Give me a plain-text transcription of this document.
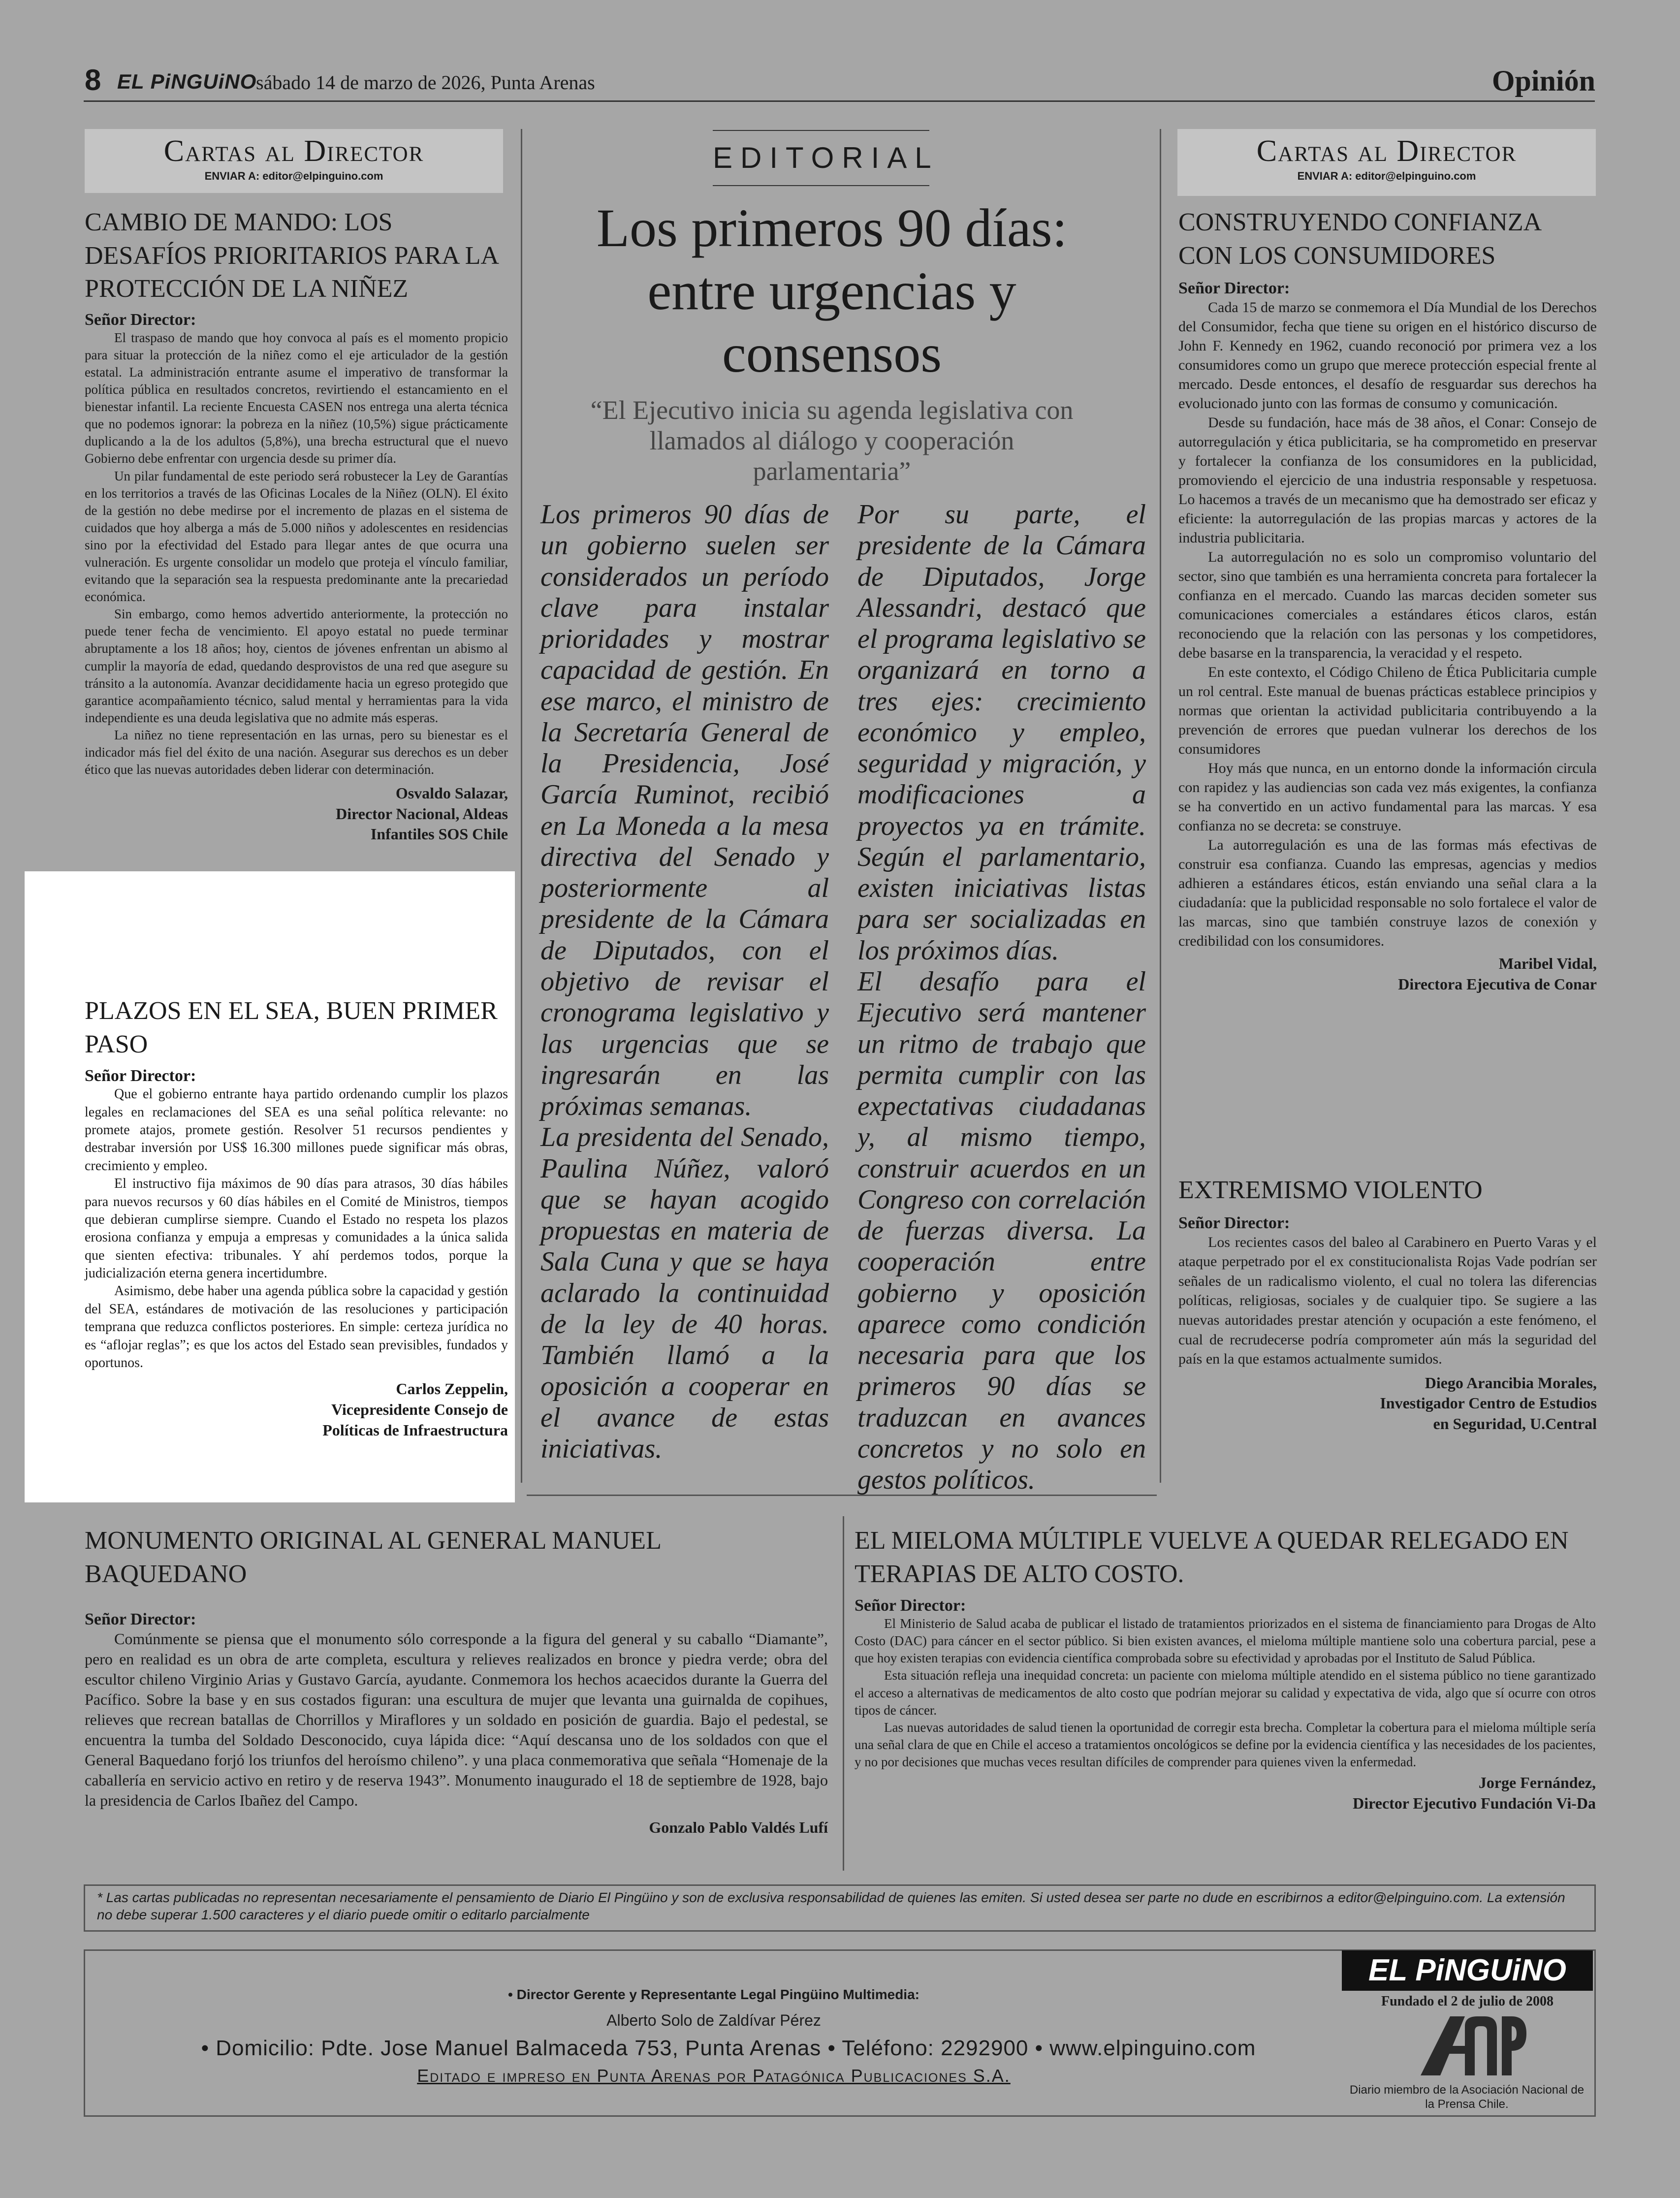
8 EL PiNGUiNO
sábado 14 de marzo de 2026, Punta Arenas	Opinión
Cartas al Director
ENVIAR A: editor@elpinguino.com
CAMBIO DE MANDO: LOS DESAFÍOS PRIORITARIOS PARA LA PROTECCIÓN DE LA NIÑEZ
Señor Director:

El traspaso de mando que hoy convoca al país es el momento propicio para situar la protección de la niñez como el eje articulador de la gestión estatal. La administración entrante asume el imperativo de transformar la política pública en resultados concretos, revirtiendo el estancamiento en el bienestar infantil. La reciente Encuesta CASEN nos entrega una alerta técnica que no podemos ignorar: la pobreza en la niñez (10,5%) sigue prácticamente duplicando a la de los adultos (5,8%), una brecha estructural que el nuevo Gobierno debe enfrentar con urgencia desde su primer día.

Un pilar fundamental de este periodo será robustecer la Ley de Garantías en los territorios a través de las Oficinas Locales de la Niñez (OLN). El éxito de la gestión no debe medirse por el incremento de plazas en el sistema de cuidados que hoy alberga a más de 5.000 niños y adolescentes en residencias sino por la efectividad del Estado para llegar antes de que ocurra una vulneración. Es urgente consolidar un modelo que proteja el vínculo familiar, evitando que la separación sea la respuesta predominante ante la precariedad económica.

Sin embargo, como hemos advertido anteriormente, la protección no puede tener fecha de vencimiento. El apoyo estatal no puede terminar abruptamente a los 18 años; hoy, cientos de jóvenes enfrentan un abismo al cumplir la mayoría de edad, quedando desprovistos de una red que asegure su tránsito a la autonomía. Avanzar decididamente hacia un egreso protegido que garantice acompañamiento técnico, salud mental y herramientas para la vida independiente es una deuda legislativa que no admite más esperas.

La niñez no tiene representación en las urnas, pero su bienestar es el indicador más fiel del éxito de una nación. Asegurar sus derechos es un deber ético que las nuevas autoridades deben liderar con determinación.

Osvaldo Salazar,
Director Nacional, Aldeas
Infantiles SOS Chile
PLAZOS EN EL SEA, BUEN PRIMER PASO
Señor Director:

Que el gobierno entrante haya partido ordenando cumplir los plazos legales en reclamaciones del SEA es una señal política relevante: no promete atajos, promete gestión. Resolver 51 recursos pendientes y destrabar inversión por US$ 16.300 millones puede significar más obras, crecimiento y empleo.

El instructivo fija máximos de 90 días para atrasos, 30 días hábiles para nuevos recursos y 60 días hábiles en el Comité de Ministros, tiempos que debieran cumplirse siempre. Cuando el Estado no respeta los plazos erosiona confianza y empuja a empresas y comunidades a la única salida que sienten efectiva: tribunales. Y ahí perdemos todos, porque la judicialización eterna genera incertidumbre.

Asimismo, debe haber una agenda pública sobre la capacidad y gestión del SEA, estándares de motivación de las resoluciones y participación temprana que reduzca conflictos posteriores. En simple: certeza jurídica no es “aflojar reglas”; es que los actos del Estado sean previsibles, fundados y oportunos.

Carlos Zeppelin,
Vicepresidente Consejo de
Políticas de Infraestructura
EDITORIAL
Los primeros 90 días: entre urgencias y consensos
“El Ejecutivo inicia su agenda legislativa con llamados al diálogo y cooperación parlamentaria”

Los primeros 90 días de un gobierno suelen ser considerados un período clave para instalar prioridades y mostrar capacidad de gestión. En ese marco, el ministro de la Secretaría General de la Presidencia, José García Ruminot, recibió en La Moneda a la mesa directiva del Senado y posteriormente al presidente de la Cámara de Diputados, con el objetivo de revisar el cronograma legislativo y las urgencias que se ingresarán en las próximas semanas.

La presidenta del Senado, Paulina Núñez, valoró que se hayan acogido propuestas en materia de Sala Cuna y que se haya aclarado la continuidad de la ley de 40 horas. También llamó a la oposición a cooperar en el avance de estas iniciativas.

Por su parte, el presidente de la Cámara de Diputados, Jorge Alessandri, destacó que el programa legislativo se organizará en torno a tres ejes: crecimiento económico y empleo, seguridad y migración, y modificaciones a proyectos ya en trámite. Según el parlamentario, existen iniciativas listas para ser socializadas en los próximos días.

El desafío para el Ejecutivo será mantener un ritmo de trabajo que permita cumplir con las expectativas ciudadanas y, al mismo tiempo, construir acuerdos en un Congreso con correlación de fuerzas diversa. La cooperación entre gobierno y oposición aparece como condición necesaria para que los primeros 90 días se traduzcan en avances concretos y no solo en gestos políticos.

Cartas al Director
ENVIAR A: editor@elpinguino.com
CONSTRUYENDO CONFIANZA CON LOS CONSUMIDORES
Señor Director:

Cada 15 de marzo se conmemora el Día Mundial de los Derechos del Consumidor, fecha que tiene su origen en el histórico discurso de John F. Kennedy en 1962, cuando reconoció por primera vez a los consumidores como un grupo que merece protección especial frente al mercado. Desde entonces, el desafío de resguardar sus derechos ha evolucionado junto con las formas de consumo y comunicación.

Desde su fundación, hace más de 38 años, el Conar: Consejo de autorregulación y ética publicitaria, se ha comprometido en preservar y fortalecer la confianza de los consumidores en la publicidad, promoviendo el ejercicio de una industria responsable y respetuosa. Lo hacemos a través de un mecanismo que ha demostrado ser eficaz y eficiente: la autorregulación de las propias marcas y actores de la industria publicitaria.

La autorregulación no es solo un compromiso voluntario del sector, sino que también es una herramienta concreta para fortalecer la confianza en el mercado. Cuando las marcas deciden someter sus comunicaciones comerciales a estándares éticos claros, están reconociendo que la relación con las personas y los competidores, debe basarse en la transparencia, la veracidad y el respeto.

En este contexto, el Código Chileno de Ética Publicitaria cumple un rol central. Este manual de buenas prácticas establece principios y normas que orientan la actividad publicitaria contribuyendo a la prevención de errores que puedan vulnerar los derechos de los consumidores

Hoy más que nunca, en un entorno donde la información circula con rapidez y las audiencias son cada vez más exigentes, la confianza se ha convertido en un activo fundamental para las marcas. Y esa confianza no se decreta: se construye.

La autorregulación es una de las formas más efectivas de construir esa confianza. Cuando las empresas, agencias y medios adhieren a estándares éticos, están enviando una señal clara a la ciudadanía: que la publicidad responsable no solo fortalece el valor de las marcas, sino que también construye lazos de conexión y credibilidad con los consumidores.

Maribel Vidal,
Directora Ejecutiva de Conar
EXTREMISMO VIOLENTO
Señor Director:

Los recientes casos del baleo al Carabinero en Puerto Varas y el ataque perpetrado por el ex constitucionalista Rojas Vade podrían ser señales de un radicalismo violento, el cual no tolera las diferencias políticas, religiosas, sociales y de cualquier tipo. Se sugiere a las nuevas autoridades prestar atención y ocupación a este fenómeno, el cual de recrudecerse podría comprometer aún más la seguridad del país en la que estamos actualmente sumidos.

Diego Arancibia Morales,
Investigador Centro de Estudios
en Seguridad, U.Central
MONUMENTO ORIGINAL AL GENERAL MANUEL BAQUEDANO
Señor Director:

Comúnmente se piensa que el monumento sólo corresponde a la figura del general y su caballo “Diamante”, pero en realidad es un obra de arte completa, escultura y relieves realizados en bronce y piedra verde; obra del escultor chileno Virginio Arias y Gustavo García, ayudante. Conmemora los hechos acaecidos durante la Guerra del Pacífico. Sobre la base y en sus costados figuran: una escultura de mujer que levanta una guirnalda de copihues, relieves que recrean batallas de Chorrillos y Miraflores y un soldado en posición de guardia. Bajo el pedestal, se encuentra la tumba del Soldado Desconocido, cuya lápida dice: “Aquí descansa uno de los soldados con que el General Baquedano forjó los triunfos del heroísmo chileno”. y una placa conmemorativa que señala “Homenaje de la caballería en servicio activo en retiro y de reserva 1943”. Monumento inaugurado el 18 de septiembre de 1928, bajo la presidencia de Carlos Ibañez del Campo.

Gonzalo Pablo Valdés Lufí
EL MIELOMA MÚLTIPLE VUELVE A QUEDAR RELEGADO EN TERAPIAS DE ALTO COSTO.
Señor Director:

El Ministerio de Salud acaba de publicar el listado de tratamientos priorizados en el sistema de financiamiento para Drogas de Alto Costo (DAC) para cáncer en el sector público. Si bien existen avances, el mieloma múltiple mantiene solo una cobertura parcial, pese a que hoy existen terapias con evidencia científica comprobada sobre su efectividad y aprobadas por el Instituto de Salud Pública.

Esta situación refleja una inequidad concreta: un paciente con mieloma múltiple atendido en el sistema público no tiene garantizado el acceso a alternativas de medicamentos de alto costo que podrían mejorar su calidad y expectativa de vida, algo que sí ocurre con otros tipos de cáncer.

Las nuevas autoridades de salud tienen la oportunidad de corregir esta brecha. Completar la cobertura para el mieloma múltiple sería una señal clara de que en Chile el acceso a tratamientos oncológicos se define por la evidencia científica y las necesidades de los pacientes, y no por decisiones que muchas veces resultan difíciles de comprender para quienes viven la enfermedad.

Jorge Fernández,
Director Ejecutivo Fundación Vi-Da
* Las cartas publicadas no representan necesariamente el pensamiento de Diario El Pingüino y son de exclusiva responsabilidad de quienes las emiten. Si usted desea ser parte no dude en escribirnos a editor@elpinguino.com. La extensión no debe superar 1.500 caracteres y el diario puede omitir o editarlo parcialmente
• Director Gerente y Representante Legal Pingüino Multimedia:
Alberto Solo de Zaldívar Pérez
• Domicilio: Pdte. Jose Manuel Balmaceda 753, Punta Arenas • Teléfono: 2292900 • www.elpinguino.com
Editado e impreso en Punta Arenas por Patagónica Publicaciones S.A.
EL PiNGUiNO
Fundado el 2 de julio de 2008
ANP
Diario miembro de la Asociación Nacional de la Prensa Chile.
